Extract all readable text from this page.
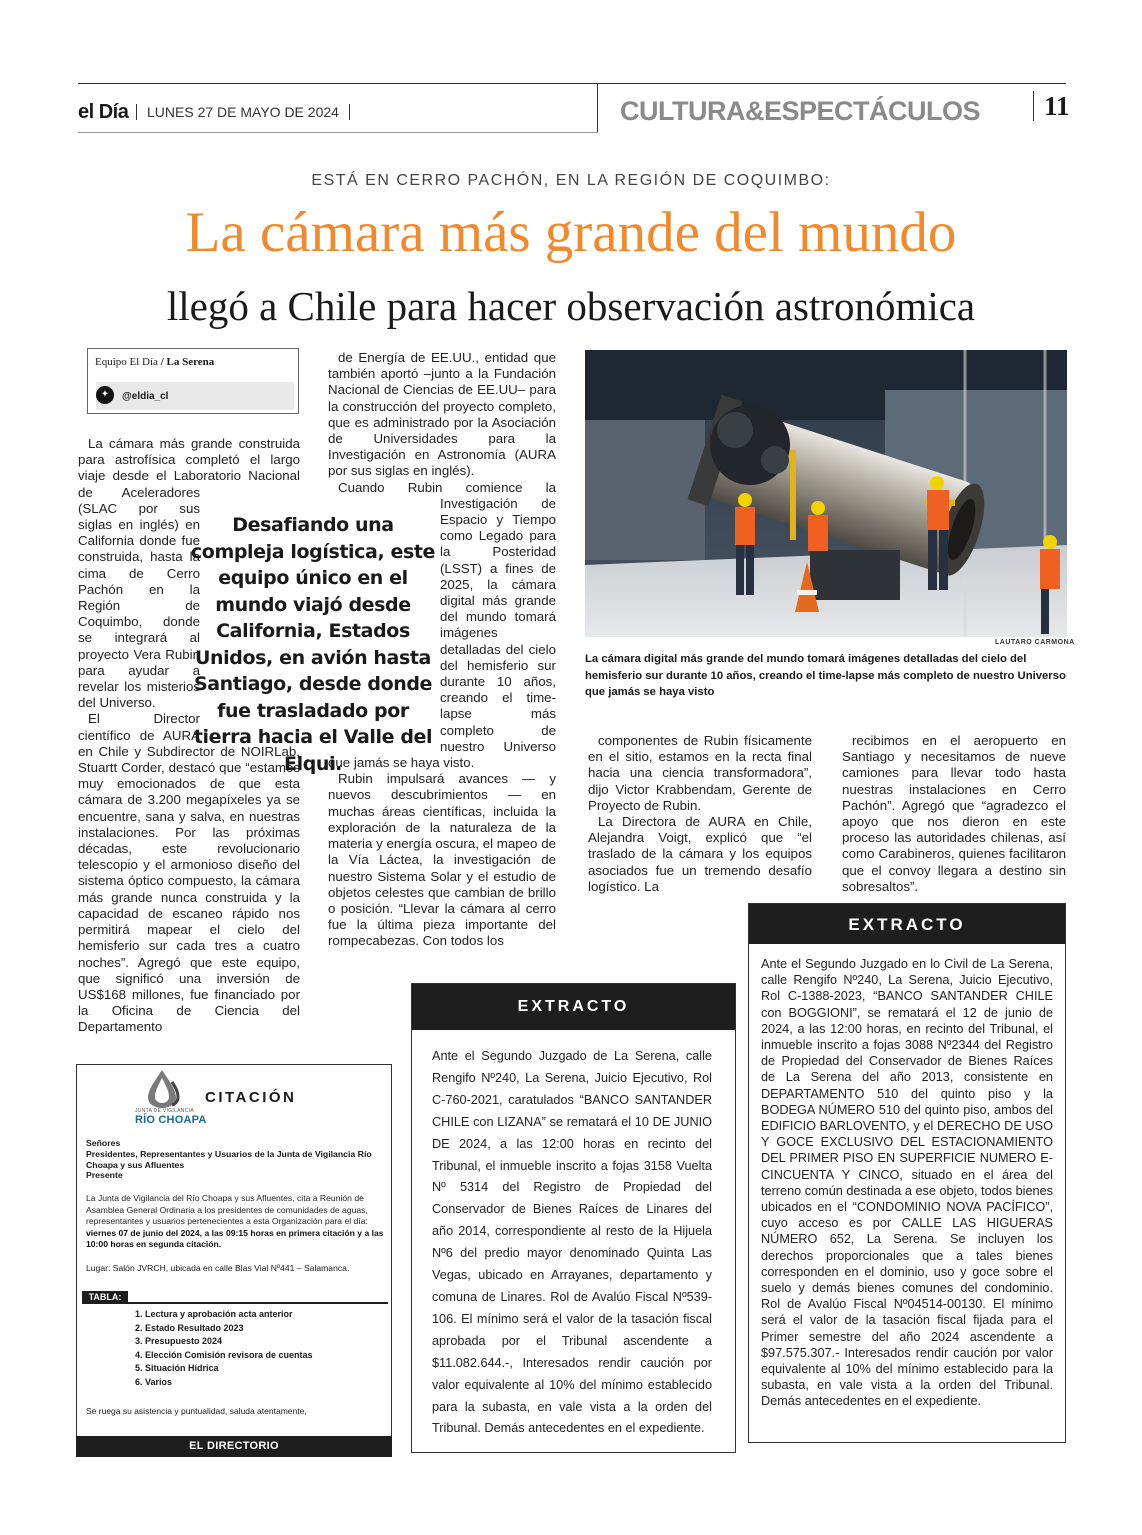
el Día	LUNES 27 DE MAYO DE 2024	CULTURA&ESPECTÁCULOS	11
ESTÁ EN CERRO PACHÓN, EN LA REGIÓN DE COQUIMBO:
La cámara más grande del mundo
llegó a Chile para hacer observación astronómica
Equipo El Día / La Serena
✦	@eldia_cl

La cámara más grande construida para astrofísica completó el largo viaje desde el Laboratorio Nacional de Aceleradores (SLAC por sus siglas en inglés) en California donde fue construida, hasta la cima de Cerro Pachón en la Región de Coquimbo, donde se integrará al proyecto Vera Rubin para ayudar a revelar los misterios del Universo.

El Director científico de AURA en Chile y Subdirector de NOIRLab, Stuartt Corder, destacó que “estamos muy emocionados de que esta cámara de 3.200 megapíxeles ya se encuentre, sana y salva, en nuestras instalaciones. Por las próximas décadas, este revolucionario telescopio y el armonioso diseño del sistema óptico compuesto, la cámara más grande nunca construida y la capacidad de escaneo rápido nos permitirá mapear el cielo del hemisferio sur cada tres a cuatro noches”. Agregó que este equipo, que significó una inversión de US$168 millones, fue financiado por la Oficina de Ciencia del Departamento

de Energía de EE.UU., entidad que también aportó –junto a la Fundación Nacional de Ciencias de EE.UU– para la construcción del proyecto completo, que es administrado por la Asociación de Universidades para la Investigación en Astronomía (AURA por sus siglas en inglés).

Cuando Rubin comience la Investigación de Espacio y Tiempo como Legado para la Posteridad (LSST) a fines de 2025, la cámara digital más grande del mundo tomará imágenes detalladas del cielo del hemisferio sur durante 10 años, creando el time-lapse más completo de nuestro Universo que jamás se haya visto.

Rubin impulsará avances — y nuevos descubrimientos — en muchas áreas científicas, incluida la exploración de la naturaleza de la materia y energía oscura, el mapeo de la Vía Láctea, la investigación de nuestro Sistema Solar y el estudio de objetos celestes que cambian de brillo o posición. “Llevar la cámara al cerro fue la última pieza importante del rompecabezas. Con todos los

Desafiando una compleja logística, este equipo único en el mundo viajó desde California, Estados Unidos, en avión hasta Santiago, desde donde fue trasladado por tierra hacia el Valle del Elqui.
LAUTARO CARMONA
La cámara digital más grande del mundo tomará imágenes detalladas del cielo del hemisferio sur durante 10 años, creando el time-lapse más completo de nuestro Universo que jamás se haya visto

componentes de Rubin físicamente en el sitio, estamos en la recta final hacia una ciencia transformadora”, dijo Victor Krabbendam, Gerente de Proyecto de Rubin.

La Directora de AURA en Chile, Alejandra Voigt, explicó que “el traslado de la cámara y los equipos asociados fue un tremendo desafío logístico. La

recibimos en el aeropuerto en Santiago y necesitamos de nueve camiones para llevar todo hasta nuestras instalaciones en Cerro Pachón”. Agregó que “agradezco el apoyo que nos dieron en este proceso las autoridades chilenas, así como Carabineros, quienes facilitaron que el convoy llegara a destino sin sobresaltos”.

EXTRACTO
Ante el Segundo Juzgado de La Serena, calle Rengifo Nº240, La Serena, Juicio Ejecutivo, Rol C-760-2021, caratulados “BANCO SANTANDER CHILE con LIZANA” se rematará el 10 DE JUNIO DE 2024, a las 12:00 horas en recinto del Tribunal, el inmueble inscrito a fojas 3158 Vuelta Nº 5314 del Registro de Propiedad del Conservador de Bienes Raíces de Linares del año 2014, correspondiente al resto de la Hijuela Nº6 del predio mayor denominado Quinta Las Vegas, ubicado en Arrayanes, departamento y comuna de Linares. Rol de Avalúo Fiscal Nº539-106. El mínimo será el valor de la tasación fiscal aprobada por el Tribunal ascendente a $11.082.644.-, Interesados rendir caución por valor equivalente al 10% del mínimo establecido para la subasta, en vale vista a la orden del Tribunal. Demás antecedentes en el expediente.
EXTRACTO
Ante el Segundo Juzgado en lo Civil de La Serena, calle Rengifo Nº240, La Serena, Juicio Ejecutivo, Rol C-1388-2023, “BANCO SANTANDER CHILE con BOGGIONI”, se rematará el 12 de junio de 2024, a las 12:00 horas, en recinto del Tribunal, el inmueble inscrito a fojas 3088 Nº2344 del Registro de Propiedad del Conservador de Bienes Raíces de La Serena del año 2013, consistente en DEPARTAMENTO 510 del quinto piso y la BODEGA NÚMERO 510 del quinto piso, ambos del EDIFICIO BARLOVENTO, y el DERECHO DE USO Y GOCE EXCLUSIVO DEL ESTACIONAMIENTO DEL PRIMER PISO EN SUPERFICIE NUMERO E-CINCUENTA Y CINCO, situado en el área del terreno común destinada a ese objeto, todos bienes ubicados en el “CONDOMINIO NOVA PACÍFICO”, cuyo acceso es por CALLE LAS HIGUERAS NÚMERO 652, La Serena. Se incluyen los derechos proporcionales que a tales bienes corresponden en el dominio, uso y goce sobre el suelo y demás bienes comunes del condominio. Rol de Avalúo Fiscal Nº04514-00130. El mínimo será el valor de la tasación fiscal fijada para el Primer semestre del año 2024 ascendente a $97.575.307.- Interesados rendir caución por valor equivalente al 10% del mínimo establecido para la subasta, en vale vista a la orden del Tribunal. Demás antecedentes en el expediente.
JUNTA DE VIGILANCIA
RÍO CHOAPA
CITACIÓN
Señores
Presidentes, Representantes y Usuarios de la Junta de Vigilancia Río Choapa y sus Afluentes
Presente
La Junta de Vigilancia del Río Choapa y sus Afluentes, cita a Reunión de Asamblea General Ordinaria a los presidentes de comunidades de aguas, representantes y usuarios pertenecientes a esta Organización para el día: viernes 07 de junio del 2024, a las 09:15 horas en primera citación y a las 10:00 horas en segunda citación.
Lugar: Salón JVRCH, ubicada en calle Blas Vial Nº441 – Salamanca.
TABLA:
1. Lectura y aprobación acta anterior
2. Estado Resultado 2023
3. Presupuesto 2024
4. Elección Comisión revisora de cuentas
5. Situación Hídrica
6. Varios
Se ruega su asistencia y puntualidad, saluda atentamente,
EL DIRECTORIO
